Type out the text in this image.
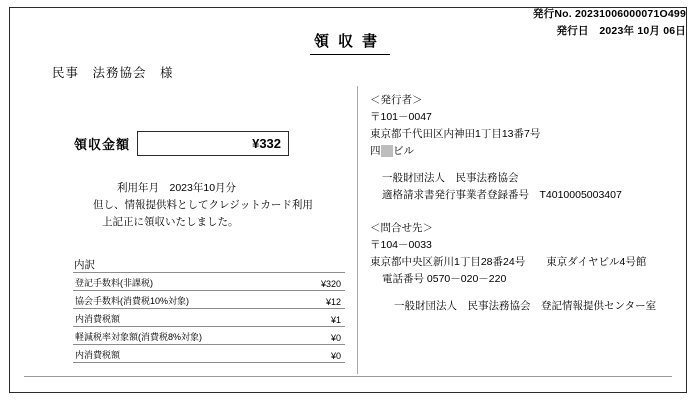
発行No. 20231006000071O499
発行日　2023年 10月 06日
領収書
民事　法務協会　様
領収金額	¥332
利用年月　2023年10月分
但し、情報提供料としてクレジットカード利用
上記正に領収いたしました。
内訳
登記手数料(非課税)	¥320
協会手数料(消費税10%対象)	¥12
内消費税額	¥1
軽減税率対象額(消費税8%対象)	¥0
内消費税額	¥0
＜発行者＞
〒101－0047
東京都千代田区内神田1丁目13番7号
四国ビル
一般財団法人　民事法務協会
適格請求書発行事業者登録番号　T4010005003407
＜問合せ先＞
〒104－0033
東京都中央区新川1丁目28番24号　　東京ダイヤビル4号館
電話番号 0570－020－220
一般財団法人　民事法務協会　登記情報提供センター室
